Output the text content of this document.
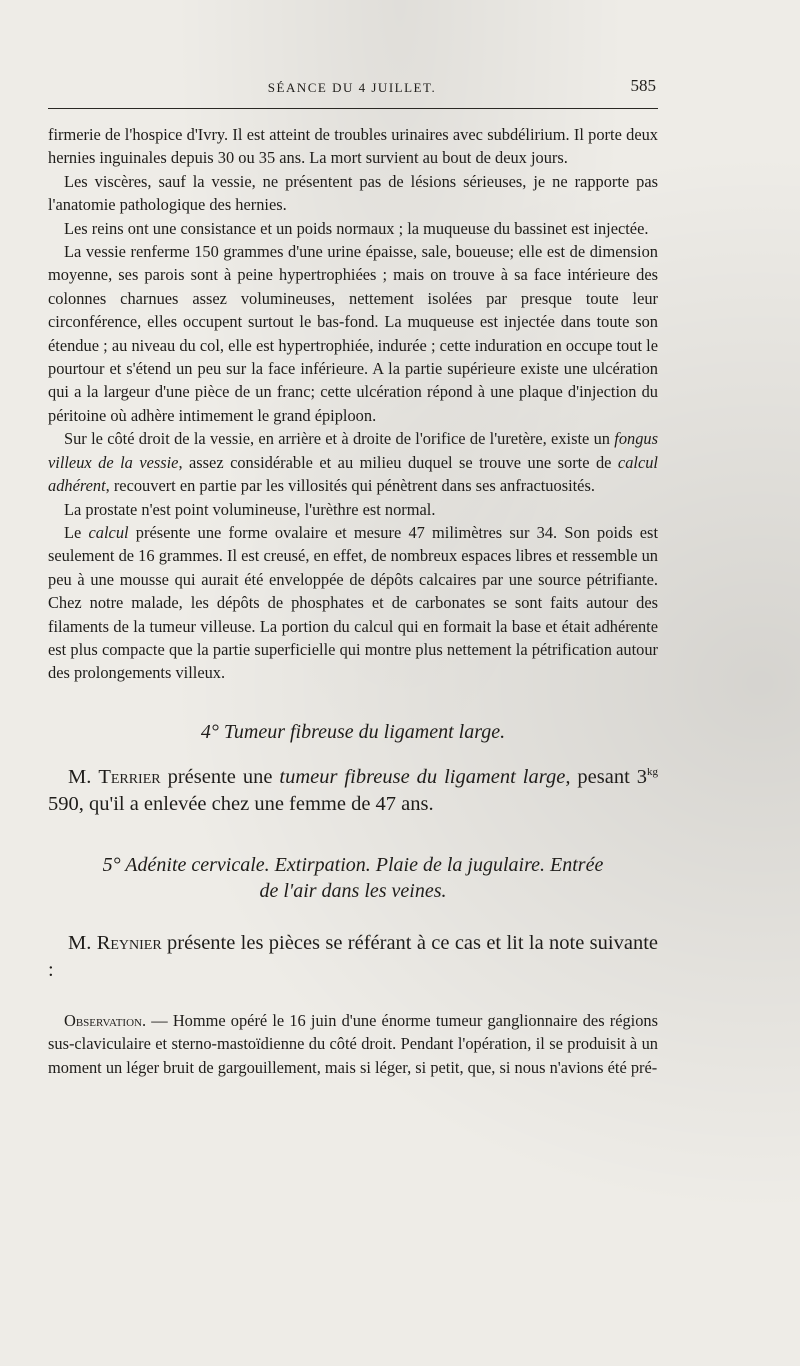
SÉANCE DU 4 JUILLET.	585

firmerie de l'hospice d'Ivry. Il est atteint de troubles urinaires avec subdélirium. Il porte deux hernies inguinales depuis 30 ou 35 ans. La mort survient au bout de deux jours.

Les viscères, sauf la vessie, ne présentent pas de lésions sérieuses, je ne rapporte pas l'anatomie pathologique des hernies.

Les reins ont une consistance et un poids normaux ; la muqueuse du bassinet est injectée.

La vessie renferme 150 grammes d'une urine épaisse, sale, boueuse; elle est de dimension moyenne, ses parois sont à peine hypertrophiées ; mais on trouve à sa face intérieure des colonnes charnues assez volumineuses, nettement isolées par presque toute leur circonférence, elles occupent surtout le bas-fond. La muqueuse est injectée dans toute son étendue ; au niveau du col, elle est hypertrophiée, indurée ; cette induration en occupe tout le pourtour et s'étend un peu sur la face inférieure. A la partie supérieure existe une ulcération qui a la largeur d'une pièce de un franc; cette ulcération répond à une plaque d'injection du péritoine où adhère intimement le grand épiploon.

Sur le côté droit de la vessie, en arrière et à droite de l'orifice de l'uretère, existe un fongus villeux de la vessie, assez considérable et au milieu duquel se trouve une sorte de calcul adhérent, recouvert en partie par les villosités qui pénètrent dans ses anfractuosités.

La prostate n'est point volumineuse, l'urèthre est normal.

Le calcul présente une forme ovalaire et mesure 47 milimètres sur 34. Son poids est seulement de 16 grammes. Il est creusé, en effet, de nombreux espaces libres et ressemble un peu à une mousse qui aurait été enveloppée de dépôts calcaires par une source pétrifiante. Chez notre malade, les dépôts de phosphates et de carbonates se sont faits autour des filaments de la tumeur villeuse. La portion du calcul qui en formait la base et était adhérente est plus compacte que la partie superficielle qui montre plus nettement la pétrification autour des prolongements villeux.

4° Tumeur fibreuse du ligament large.

M. Terrier présente une tumeur fibreuse du ligament large, pesant $3^{kg}$ 590, qu'il a enlevée chez une femme de 47 ans.

5° Adénite cervicale. Extirpation. Plaie de la jugulaire. Entrée

de l'air dans les veines.

M. Reynier présente les pièces se référant à ce cas et lit la note suivante :

Observation. — Homme opéré le 16 juin d'une énorme tumeur ganglionnaire des régions sus-claviculaire et sterno-mastoïdienne du côté droit. Pendant l'opération, il se produisit à un moment un léger bruit de gargouillement, mais si léger, si petit, que, si nous n'avions été pré-
